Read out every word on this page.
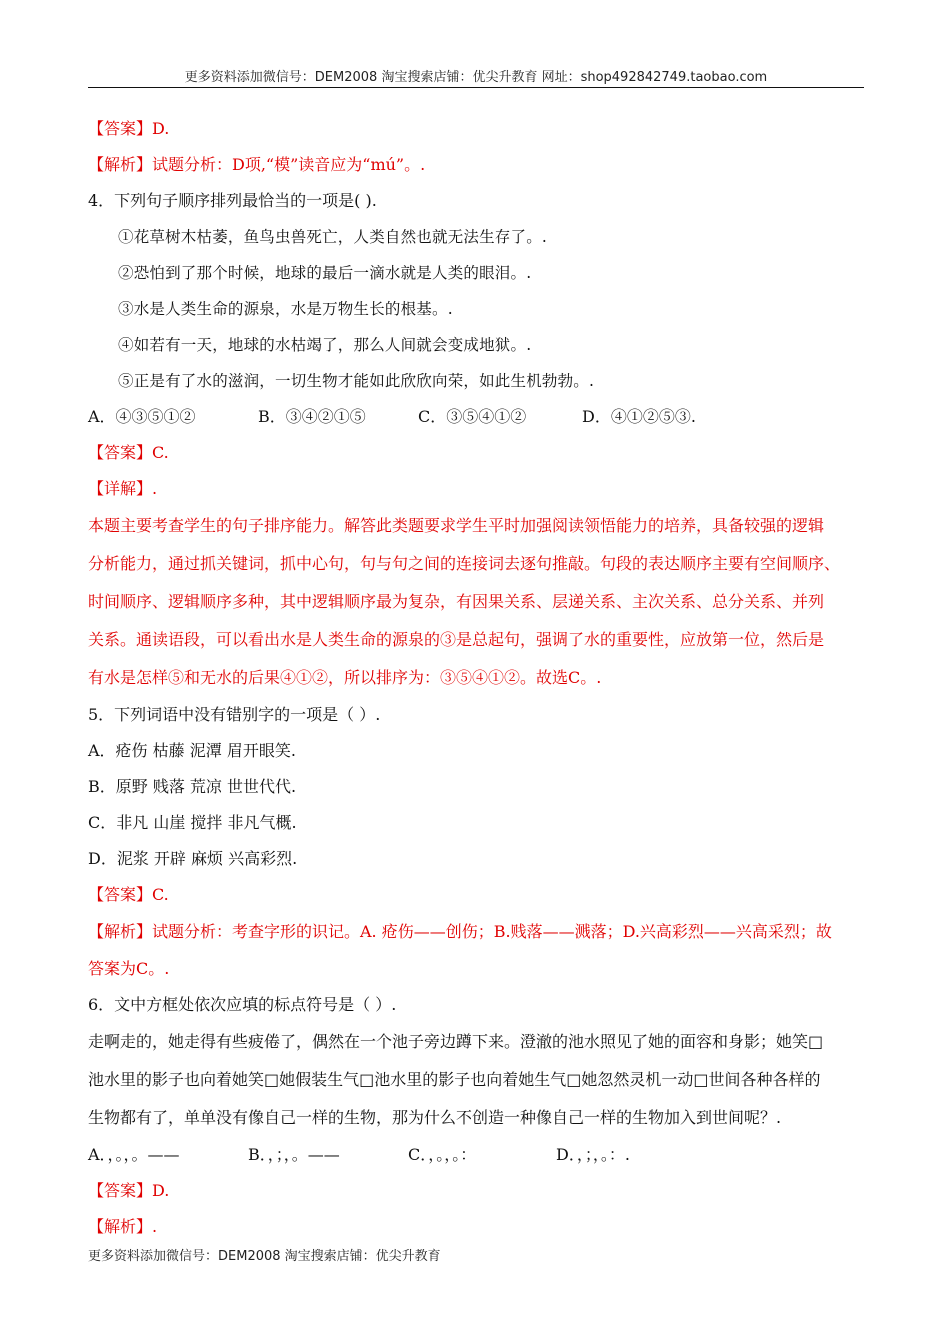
更多资料添加微信号：DEM2008 淘宝搜索店铺：优尖升教育 网址：shop492842749.taobao.com
【答案】D.
【解析】试题分析：D项,“模”读音应为“mú”。.
4．下列句子顺序排列最恰当的一项是( ).
①花草树木枯萎，鱼鸟虫兽死亡，人类自然也就无法生存了。.
②恐怕到了那个时候，地球的最后一滴水就是人类的眼泪。.
③水是人类生命的源泉，水是万物生长的根基。.
④如若有一天，地球的水枯竭了，那么人间就会变成地狱。.
⑤正是有了水的滋润，一切生物才能如此欣欣向荣，如此生机勃勃。.
A．④③⑤①②	B．③④②①⑤	C．③⑤④①②	D．④①②⑤③.
【答案】C.
【详解】.
本题主要考查学生的句子排序能力。解答此类题要求学生平时加强阅读领悟能力的培养，具备较强的逻辑
分析能力，通过抓关键词，抓中心句，句与句之间的连接词去逐句推敲。句段的表达顺序主要有空间顺序、
时间顺序、逻辑顺序多种，其中逻辑顺序最为复杂，有因果关系、层递关系、主次关系、总分关系、并列
关系。通读语段，可以看出水是人类生命的源泉的③是总起句，强调了水的重要性，应放第一位，然后是
有水是怎样⑤和无水的后果④①②，所以排序为：③⑤④①②。故选C。.
5．下列词语中没有错别字的一项是（ ）.
A．疮伤 枯藤 泥潭 眉开眼笑.
B．原野 贱落 荒凉 世世代代.
C．非凡 山崖 搅拌 非凡气概.
D．泥浆 开辟 麻烦 兴高彩烈.
【答案】C.
【解析】试题分析：考查字形的识记。A. 疮伤——创伤；B.贱落——溅落；D.兴高彩烈——兴高采烈；故
答案为C。.
6．文中方框处依次应填的标点符号是（ ）.
走啊走的，她走得有些疲倦了，偶然在一个池子旁边蹲下来。澄澈的池水照见了她的面容和身影；她笑□
池水里的影子也向着她笑□她假装生气□池水里的影子也向着她生气□她忽然灵机一动□世间各种各样的
生物都有了，单单没有像自己一样的生物，那为什么不创造一种像自己一样的生物加入到世间呢？.
A．，。，。——	B．，；，。——	C．，。，。：	D．，；，。：.
【答案】D.
【解析】.
更多资料添加微信号：DEM2008 淘宝搜索店铺：优尖升教育
